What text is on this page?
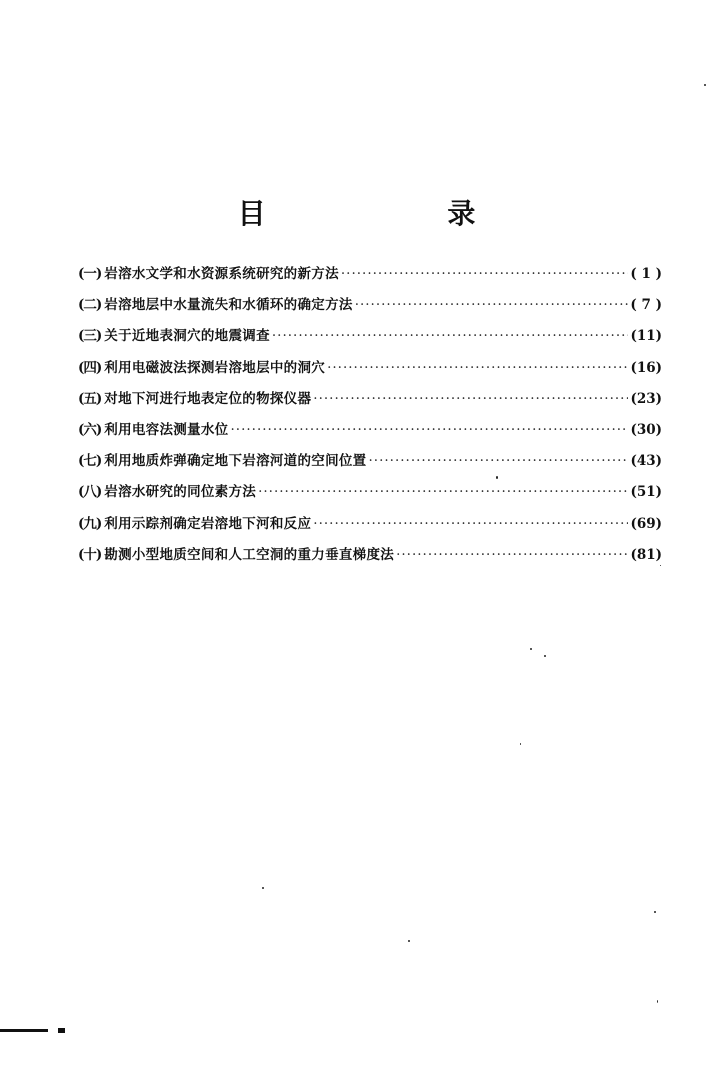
目 录
(一) 岩溶水文学和水资源系统研究的新方法 ·····	( 1 )
(二) 岩溶地层中水量流失和水循环的确定方法 ·····	( 7 )
(三) 关于近地表洞穴的地震调查 ·····	(11)
(四) 利用电磁波法探测岩溶地层中的洞穴 ·····	(16)
(五) 对地下河进行地表定位的物探仪器 ·····	(23)
(六) 利用电容法测量水位 ·····	(30)
(七) 利用地质炸弹确定地下岩溶河道的空间位置 ·····	(43)
(八) 岩溶水研究的同位素方法 ·····	(51)
(九) 利用示踪剂确定岩溶地下河和反应 ·····	(69)
(十) 勘测小型地质空间和人工空洞的重力垂直梯度法 ·····	(81)
